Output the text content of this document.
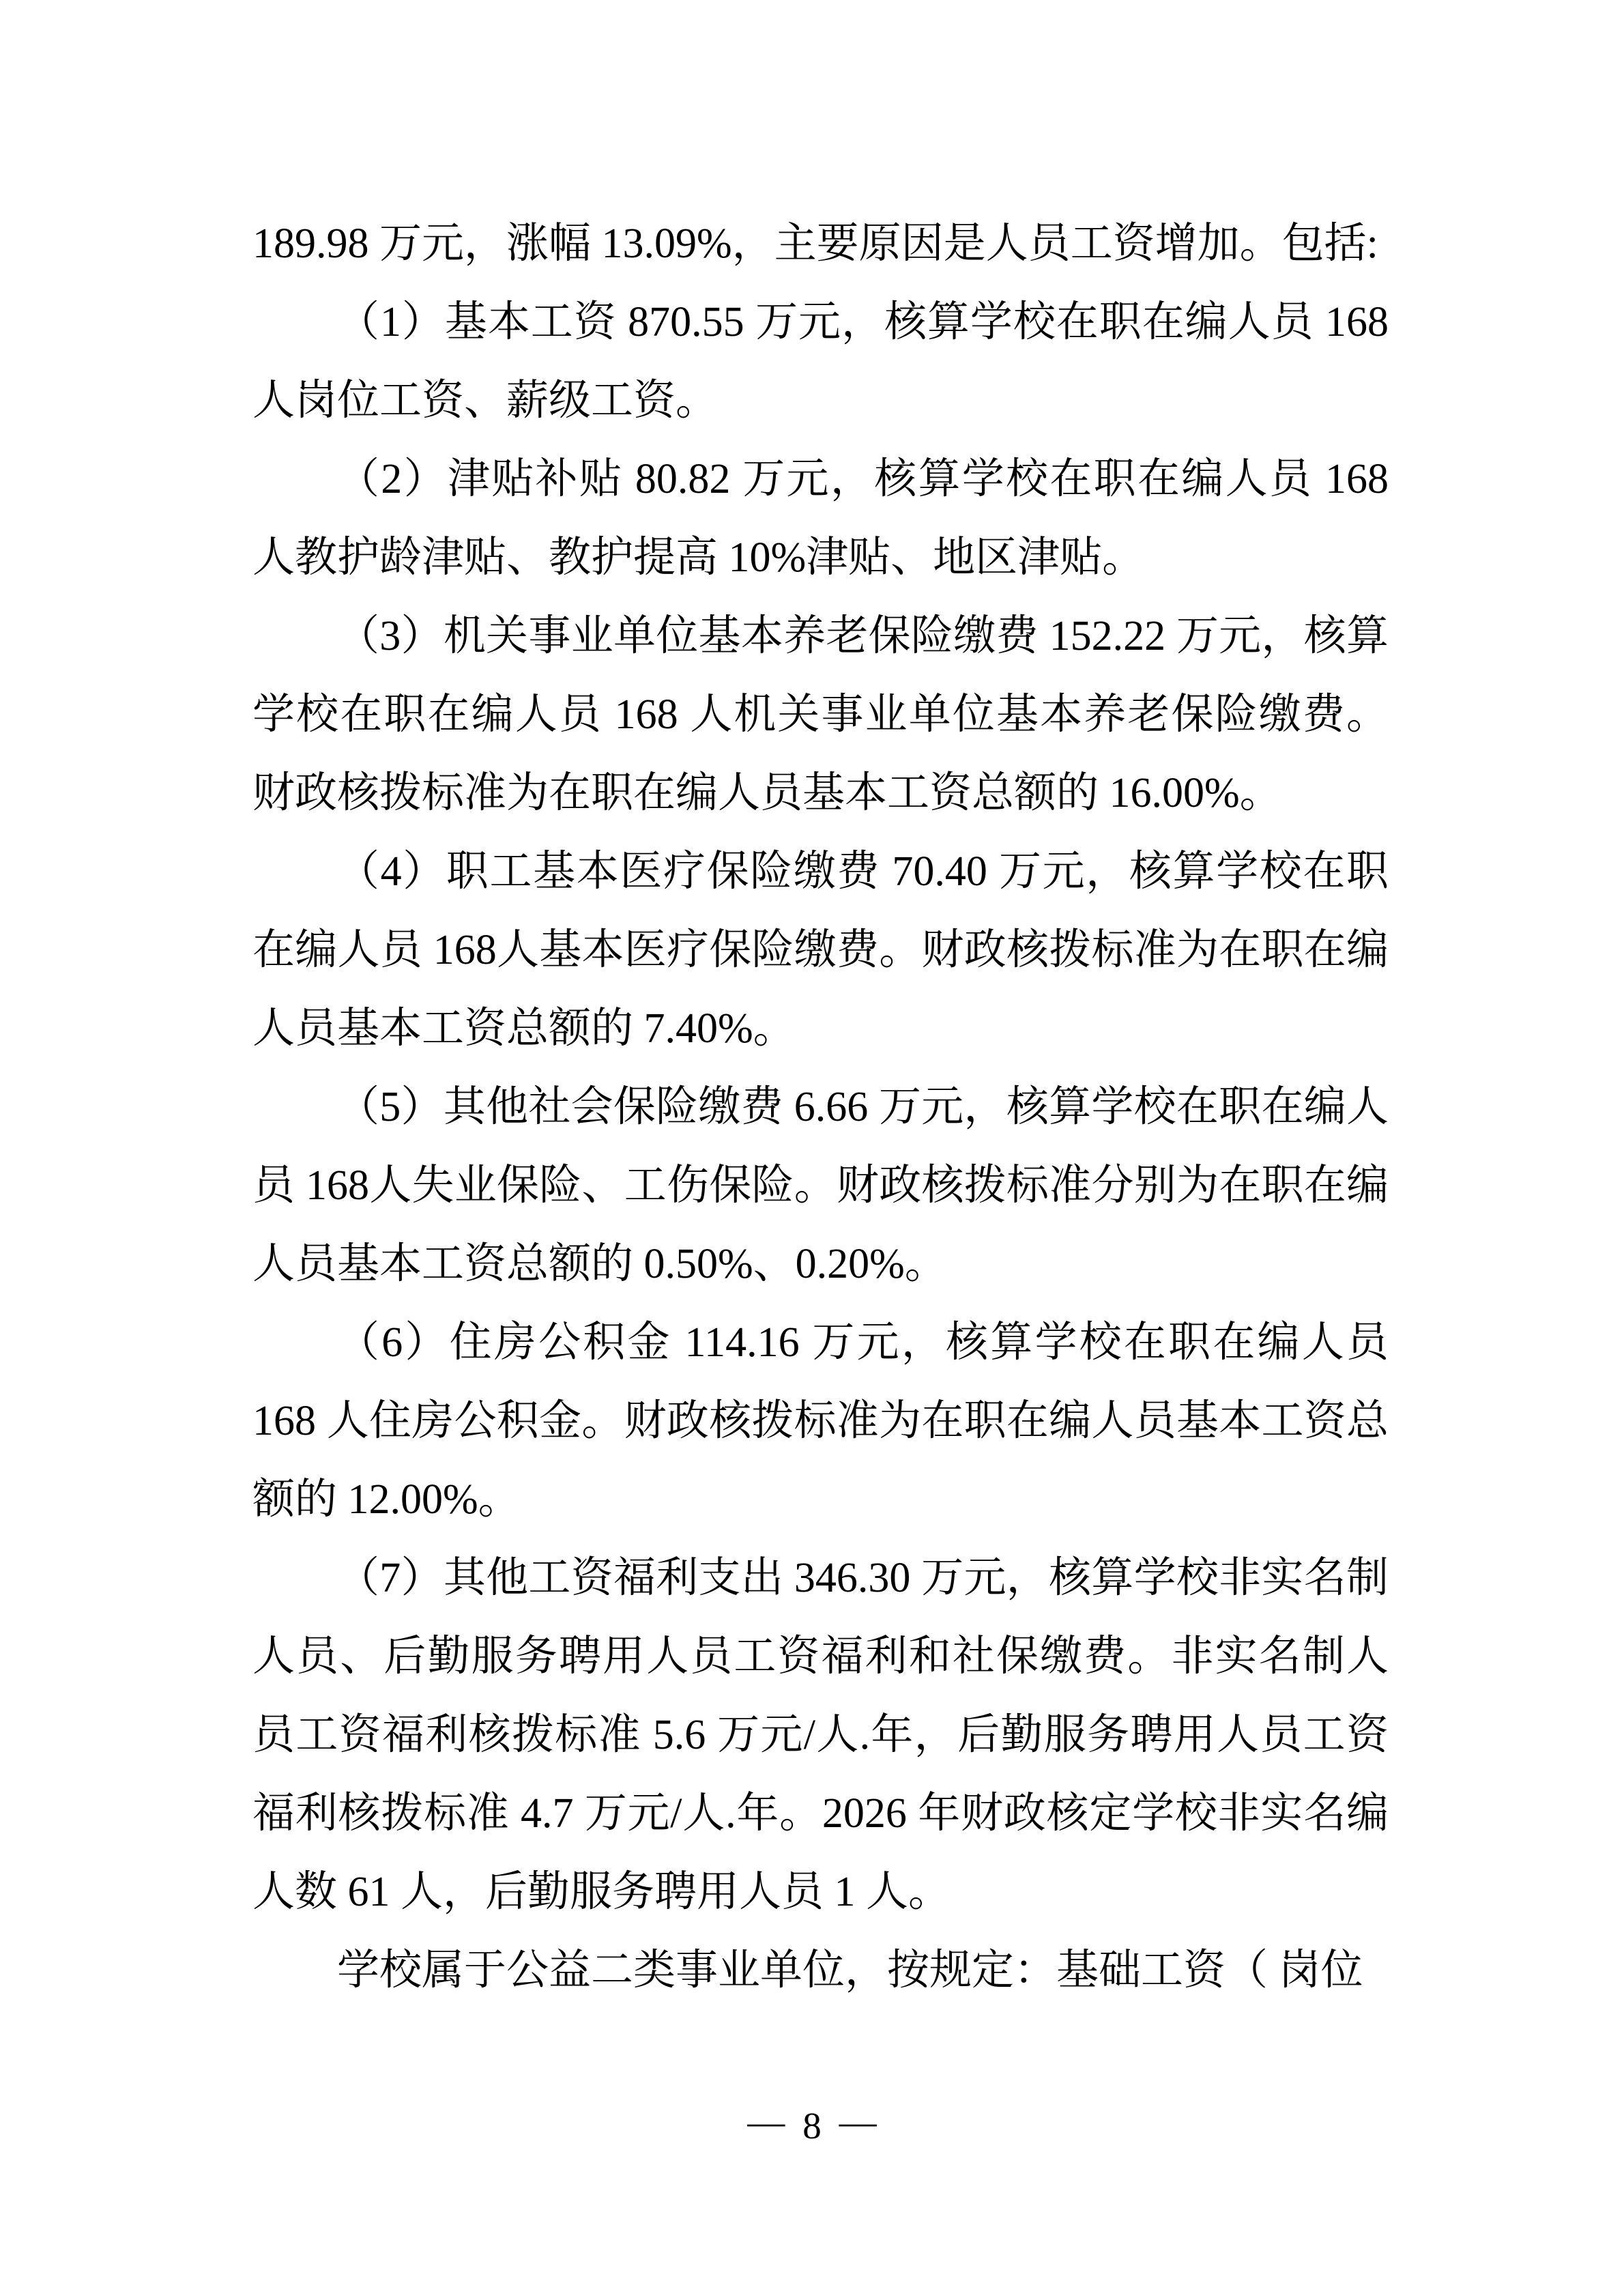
189.98 万元，涨幅 13.09%，主要原因是人员工资增加。包括:

（1）基本工资 870.55 万元，核算学校在职在编人员 168 人岗位工资、薪级工资。

（2）津贴补贴 80.82 万元，核算学校在职在编人员 168 人教护龄津贴、教护提高 10%津贴、地区津贴。

（3）机关事业单位基本养老保险缴费 152.22 万元，核算学校在职在编人员 168 人机关事业单位基本养老保险缴费。财政核拨标准为在职在编人员基本工资总额的 16.00%。

（4）职工基本医疗保险缴费 70.40 万元，核算学校在职在编人员 168人基本医疗保险缴费。财政核拨标准为在职在编人员基本工资总额的 7.40%。

（5）其他社会保险缴费 6.66 万元，核算学校在职在编人员 168人失业保险、工伤保险。财政核拨标准分别为在职在编人员基本工资总额的 0.50%、0.20%。

（6）住房公积金 114.16 万元，核算学校在职在编人员 168 人住房公积金。财政核拨标准为在职在编人员基本工资总额的 12.00%。

（7）其他工资福利支出 346.30 万元，核算学校非实名制人员、后勤服务聘用人员工资福利和社保缴费。非实名制人员工资福利核拨标准 5.6 万元/人.年，后勤服务聘用人员工资福利核拨标准 4.7 万元/人.年。2026 年财政核定学校非实名编人数 61 人，后勤服务聘用人员 1 人。

学校属于公益二类事业单位，按规定：基础工资（ 岗位

— 8 —
